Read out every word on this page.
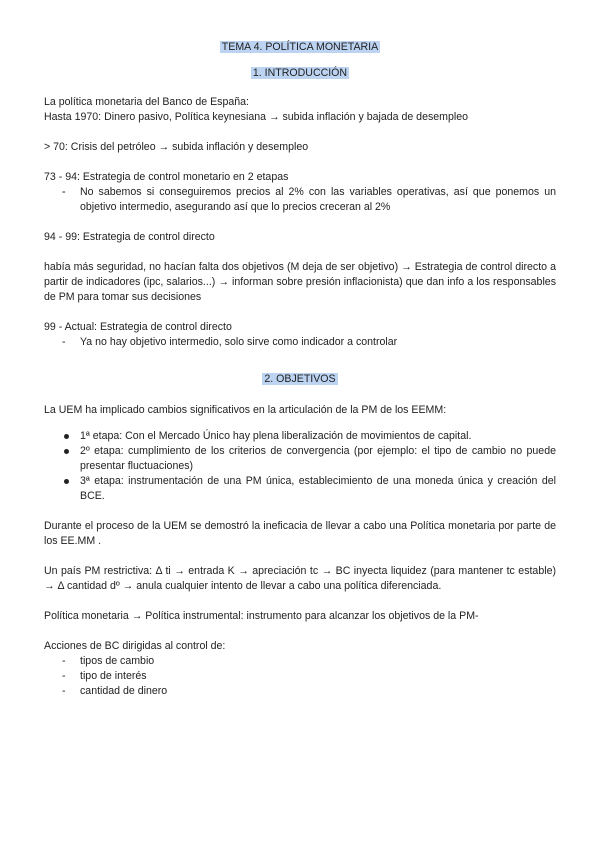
TEMA 4. POLÍTICA MONETARIA

1. INTRODUCCIÓN

La política monetaria del Banco de España:

Hasta 1970: Dinero pasivo, Política keynesiana → subida inflación y bajada de desempleo

> 70: Crisis del petróleo → subida inflación y desempleo

73 - 94: Estrategia de control monetario en 2 etapas

- No sabemos si conseguiremos precios al 2% con las variables operativas, así que ponemos un objetivo intermedio, asegurando así que lo precios creceran al 2%

94 - 99: Estrategia de control directo

había más seguridad, no hacían falta dos objetivos (M deja de ser objetivo) → Estrategia de control directo a partir de indicadores (ipc, salarios...) → informan sobre presión inflacionista) que dan info a los responsables de PM para tomar sus decisiones

99 - Actual: Estrategia de control directo

- Ya no hay objetivo intermedio, solo sirve como indicador a controlar

2. OBJETIVOS

La UEM ha implicado cambios significativos en la articulación de la PM de los EEMM:

1ª etapa: Con el Mercado Único hay plena liberalización de movimientos de capital.
2º etapa: cumplimiento de los criterios de convergencia (por ejemplo: el tipo de cambio no puede presentar fluctuaciones)
3ª etapa: instrumentación de una PM única, establecimiento de una moneda única y creación del BCE.

Durante el proceso de la UEM se demostró la ineficacia de llevar a cabo una Política monetaria por parte de los EE.MM .

Un país PM restrictiva: Δ ti → entrada K → apreciación tc → BC inyecta liquidez (para mantener tc estable) → Δ cantidad dº → anula cualquier intento de llevar a cabo una política diferenciada.

Política monetaria → Política instrumental: instrumento para alcanzar los objetivos de la PM-

Acciones de BC dirigidas al control de:

- tipos de cambio
- tipo de interés
- cantidad de dinero
